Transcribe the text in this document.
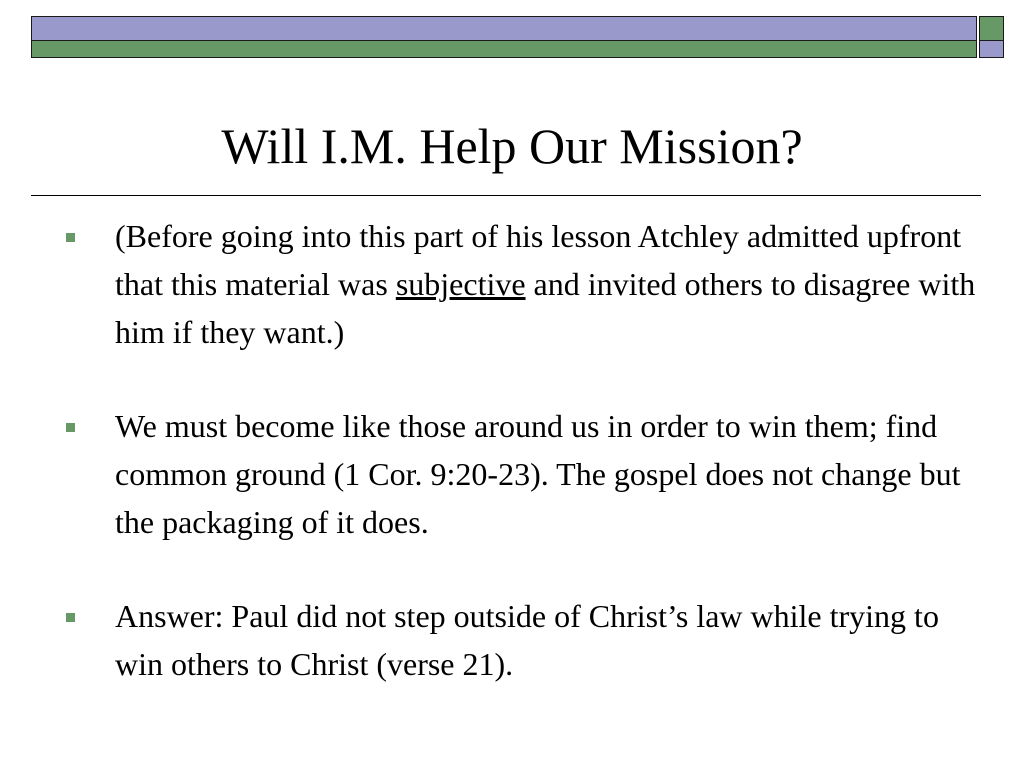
Will I.M. Help Our Mission?
(Before going into this part of his lesson Atchley admitted upfront that this material was subjective and invited others to disagree with him if they want.)
We must become like those around us in order to win them; find common ground (1 Cor. 9:20-23). The gospel does not change but the packaging of it does.
Answer: Paul did not step outside of Christ’s law while trying to win others to Christ (verse 21).
